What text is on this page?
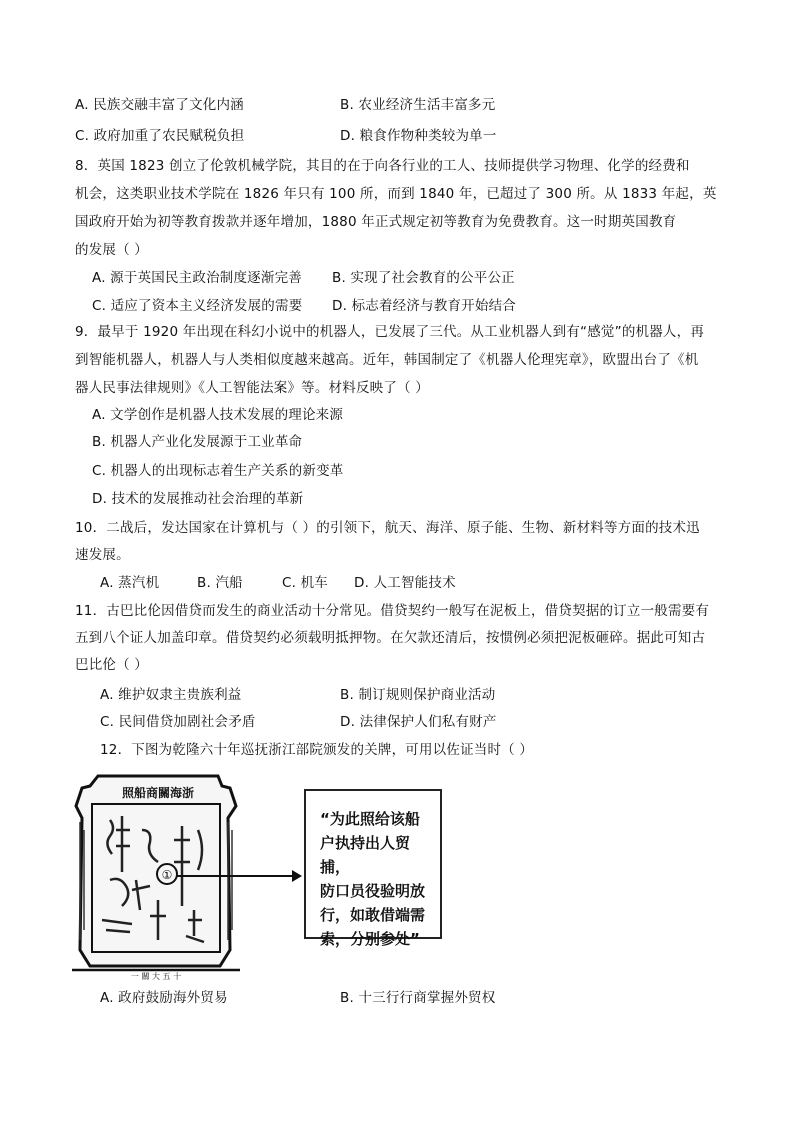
A. 民族交融丰富了文化内涵	B. 农业经济生活丰富多元
C. 政府加重了农民赋税负担	D. 粮食作物种类较为单一
8．英国 1823 创立了伦敦机械学院，其目的在于向各行业的工人、技师提供学习物理、化学的经费和
机会，这类职业技术学院在 1826 年只有 100 所，而到 1840 年，已超过了 300 所。从 1833 年起，英
国政府开始为初等教育拨款并逐年增加，1880 年正式规定初等教育为免费教育。这一时期英国教育
的发展（ ）
A. 源于英国民主政治制度逐渐完善 B. 实现了社会教育的公平公正
C. 适应了资本主义经济发展的需要 D. 标志着经济与教育开始结合
9．最早于 1920 年出现在科幻小说中的机器人，已发展了三代。从工业机器人到有“感觉”的机器人，再
到智能机器人，机器人与人类相似度越来越高。近年，韩国制定了《机器人伦理宪章》，欧盟出台了《机
器人民事法律规则》《人工智能法案》等。材料反映了（ ）
A. 文学创作是机器人技术发展的理论来源
B. 机器人产业化发展源于工业革命
C. 机器人的出现标志着生产关系的新变革
D. 技术的发展推动社会治理的革新
10．二战后，发达国家在计算机与（ ）的引领下，航天、海洋、原子能、生物、新材料等方面的技术迅
速发展。
A. 蒸汽机	B. 汽船	C. 机车 D. 人工智能技术
11．古巴比伦因借贷而发生的商业活动十分常见。借贷契约一般写在泥板上，借贷契据的订立一般需要有
五到八个证人加盖印章。借贷契约必须载明抵押物。在欠款还清后，按惯例必须把泥板砸碎。据此可知古
巴比伦（ ）
A. 维护奴隶主贵族利益	B. 制订规则保护商业活动
C. 民间借贷加剧社会矛盾	D. 法律保护人们私有财产
12．下图为乾隆六十年巡抚浙江部院颁发的关牌，可用以佐证当时（ ）
照船商關海浙
①
一 關 大 五 十
“为此照给该船
户执持出人贸捕，
防口员役验明放
行，如敢借端需
索，分别参处”
A. 政府鼓励海外贸易	B. 十三行行商掌握外贸权
